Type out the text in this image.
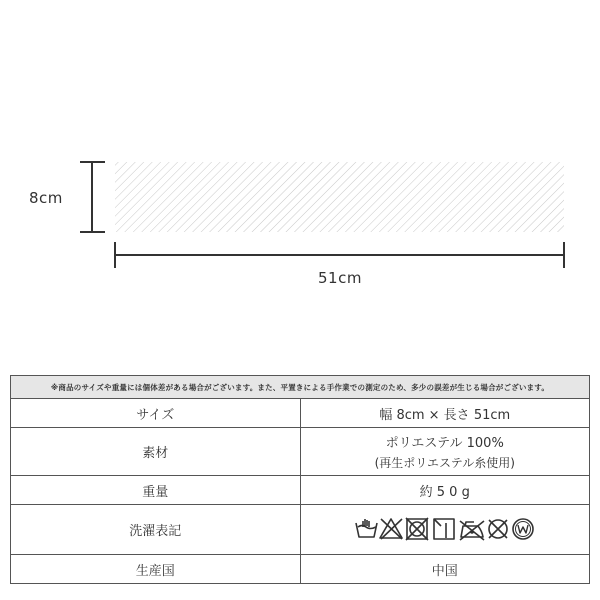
8cm
51cm
※商品のサイズや重量には個体差がある場合がございます。また、平置きによる手作業での測定のため、多少の誤差が生じる場合がございます。	
サイズ	幅 8cm × 長さ 51cm
素材	ポリエステル 100%
(再生ポリエステル糸使用)

重量	約 5 0 g
洗濯表記	
生産国	中国
